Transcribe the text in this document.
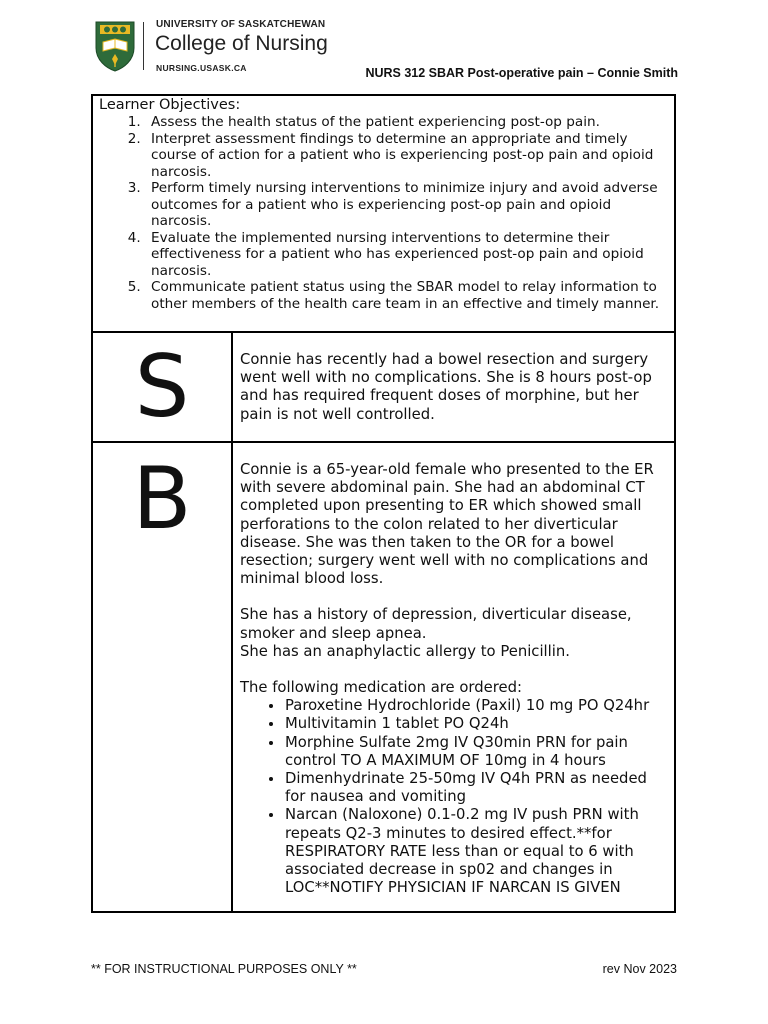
UNIVERSITY OF SASKATCHEWAN
College of Nursing
NURSING.USASK.CA	NURS 312 SBAR Post-operative pain – Connie Smith
Learner Objectives:
1. Assess the health status of the patient experiencing post-op pain.
2. Interpret assessment findings to determine an appropriate and timely course of action for a patient who is experiencing post-op pain and opioid narcosis.
3. Perform timely nursing interventions to minimize injury and avoid adverse outcomes for a patient who is experiencing post-op pain and opioid narcosis.
4. Evaluate the implemented nursing interventions to determine their effectiveness for a patient who has experienced post-op pain and opioid narcosis.
5. Communicate patient status using the SBAR model to relay information to other members of the health care team in an effective and timely manner.
S	Connie has recently had a bowel resection and surgery went well with no complications. She is 8 hours post-op and has required frequent doses of morphine, but her pain is not well controlled.

B	Connie is a 65-year-old female who presented to the ER with severe abdominal pain. She had an abdominal CT completed upon presenting to ER which showed small perforations to the colon related to her diverticular disease. She was then taken to the OR for a bowel resection; surgery went well with no complications and minimal blood loss.

She has a history of depression, diverticular disease, smoker and sleep apnea.

She has an anaphylactic allergy to Penicillin.

The following medication are ordered:

• Paroxetine Hydrochloride (Paxil) 10 mg PO Q24hr
• Multivitamin 1 tablet PO Q24h
• Morphine Sulfate 2mg IV Q30min PRN for pain control TO A MAXIMUM OF 10mg in 4 hours
• Dimenhydrinate 25-50mg IV Q4h PRN as needed for nausea and vomiting
• Narcan (Naloxone) 0.1-0.2 mg IV push PRN with repeats Q2-3 minutes to desired effect.**for RESPIRATORY RATE less than or equal to 6 with associated decrease in sp02 and changes in LOC**NOTIFY PHYSICIAN IF NARCAN IS GIVEN
** FOR INSTRUCTIONAL PURPOSES ONLY **	rev Nov 2023
